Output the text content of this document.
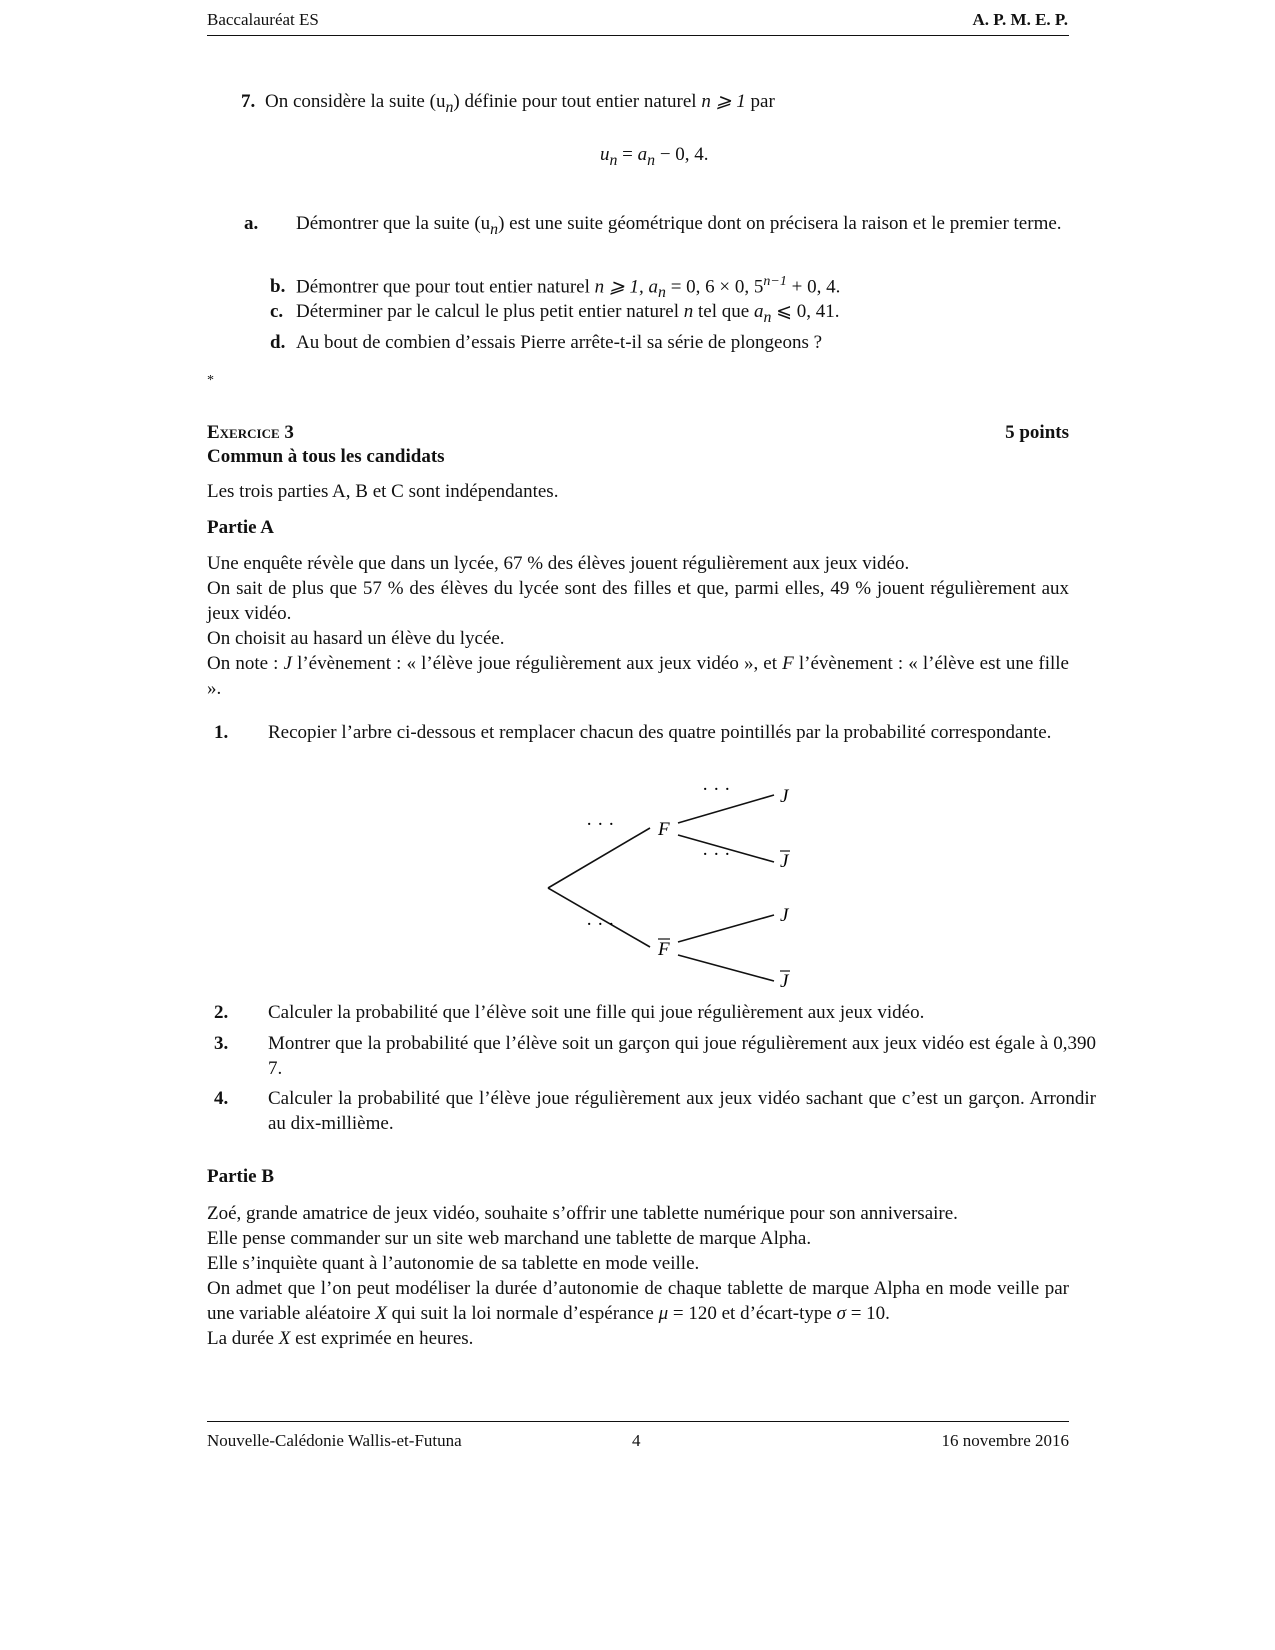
Baccalauréat ES	A. P. M. E. P.
7. On considère la suite $(u_n)$ définie pour tout entier naturel n ⩾ 1 par
$u_n = a_n - 0$, 4.
a. Démontrer que la suite $(u_n)$ est une suite géométrique dont on précisera la raison et le premier terme.
b. Démontrer que pour tout entier naturel n ⩾ 1, $a_n = 0$, 6 × 0, $5^{n-1} + 0$, 4.
c. Déterminer par le calcul le plus petit entier naturel n tel que $a_n$ ⩽ 0, 41.
d. Au bout de combien d’essais Pierre arrête-t-il sa série de plongeons ?
*
Exercice 3	5 points
Commun à tous les candidats
Les trois parties A, B et C sont indépendantes.
Partie A
Une enquête révèle que dans un lycée, 67 % des élèves jouent régulièrement aux jeux vidéo.
On sait de plus que 57 % des élèves du lycée sont des filles et que, parmi elles, 49 % jouent régulièrement aux jeux vidéo.
On choisit au hasard un élève du lycée.
On note : J l’évènement : « l’élève joue régulièrement aux jeux vidéo », et F l’évènement : « l’élève est une fille ».
1. Recopier l’arbre ci-dessous et remplacer chacun des quatre pointillés par la probabilité correspondante.
· · ·
· · ·
· · ·
· · ·
F
F
J
J
J
J
2. Calculer la probabilité que l’élève soit une fille qui joue régulièrement aux jeux vidéo.
3. Montrer que la probabilité que l’élève soit un garçon qui joue régulièrement aux jeux vidéo est égale à 0,390 7.
4. Calculer la probabilité que l’élève joue régulièrement aux jeux vidéo sachant que c’est un garçon. Arrondir au dix-millième.
Partie B
Zoé, grande amatrice de jeux vidéo, souhaite s’offrir une tablette numérique pour son anniversaire.
Elle pense commander sur un site web marchand une tablette de marque Alpha.
Elle s’inquiète quant à l’autonomie de sa tablette en mode veille.
On admet que l’on peut modéliser la durée d’autonomie de chaque tablette de marque Alpha en mode veille par une variable aléatoire X qui suit la loi normale d’espérance μ = 120 et d’écart-type σ = 10.
La durée X est exprimée en heures.
Nouvelle-Calédonie Wallis-et-Futuna	4	16 novembre 2016
